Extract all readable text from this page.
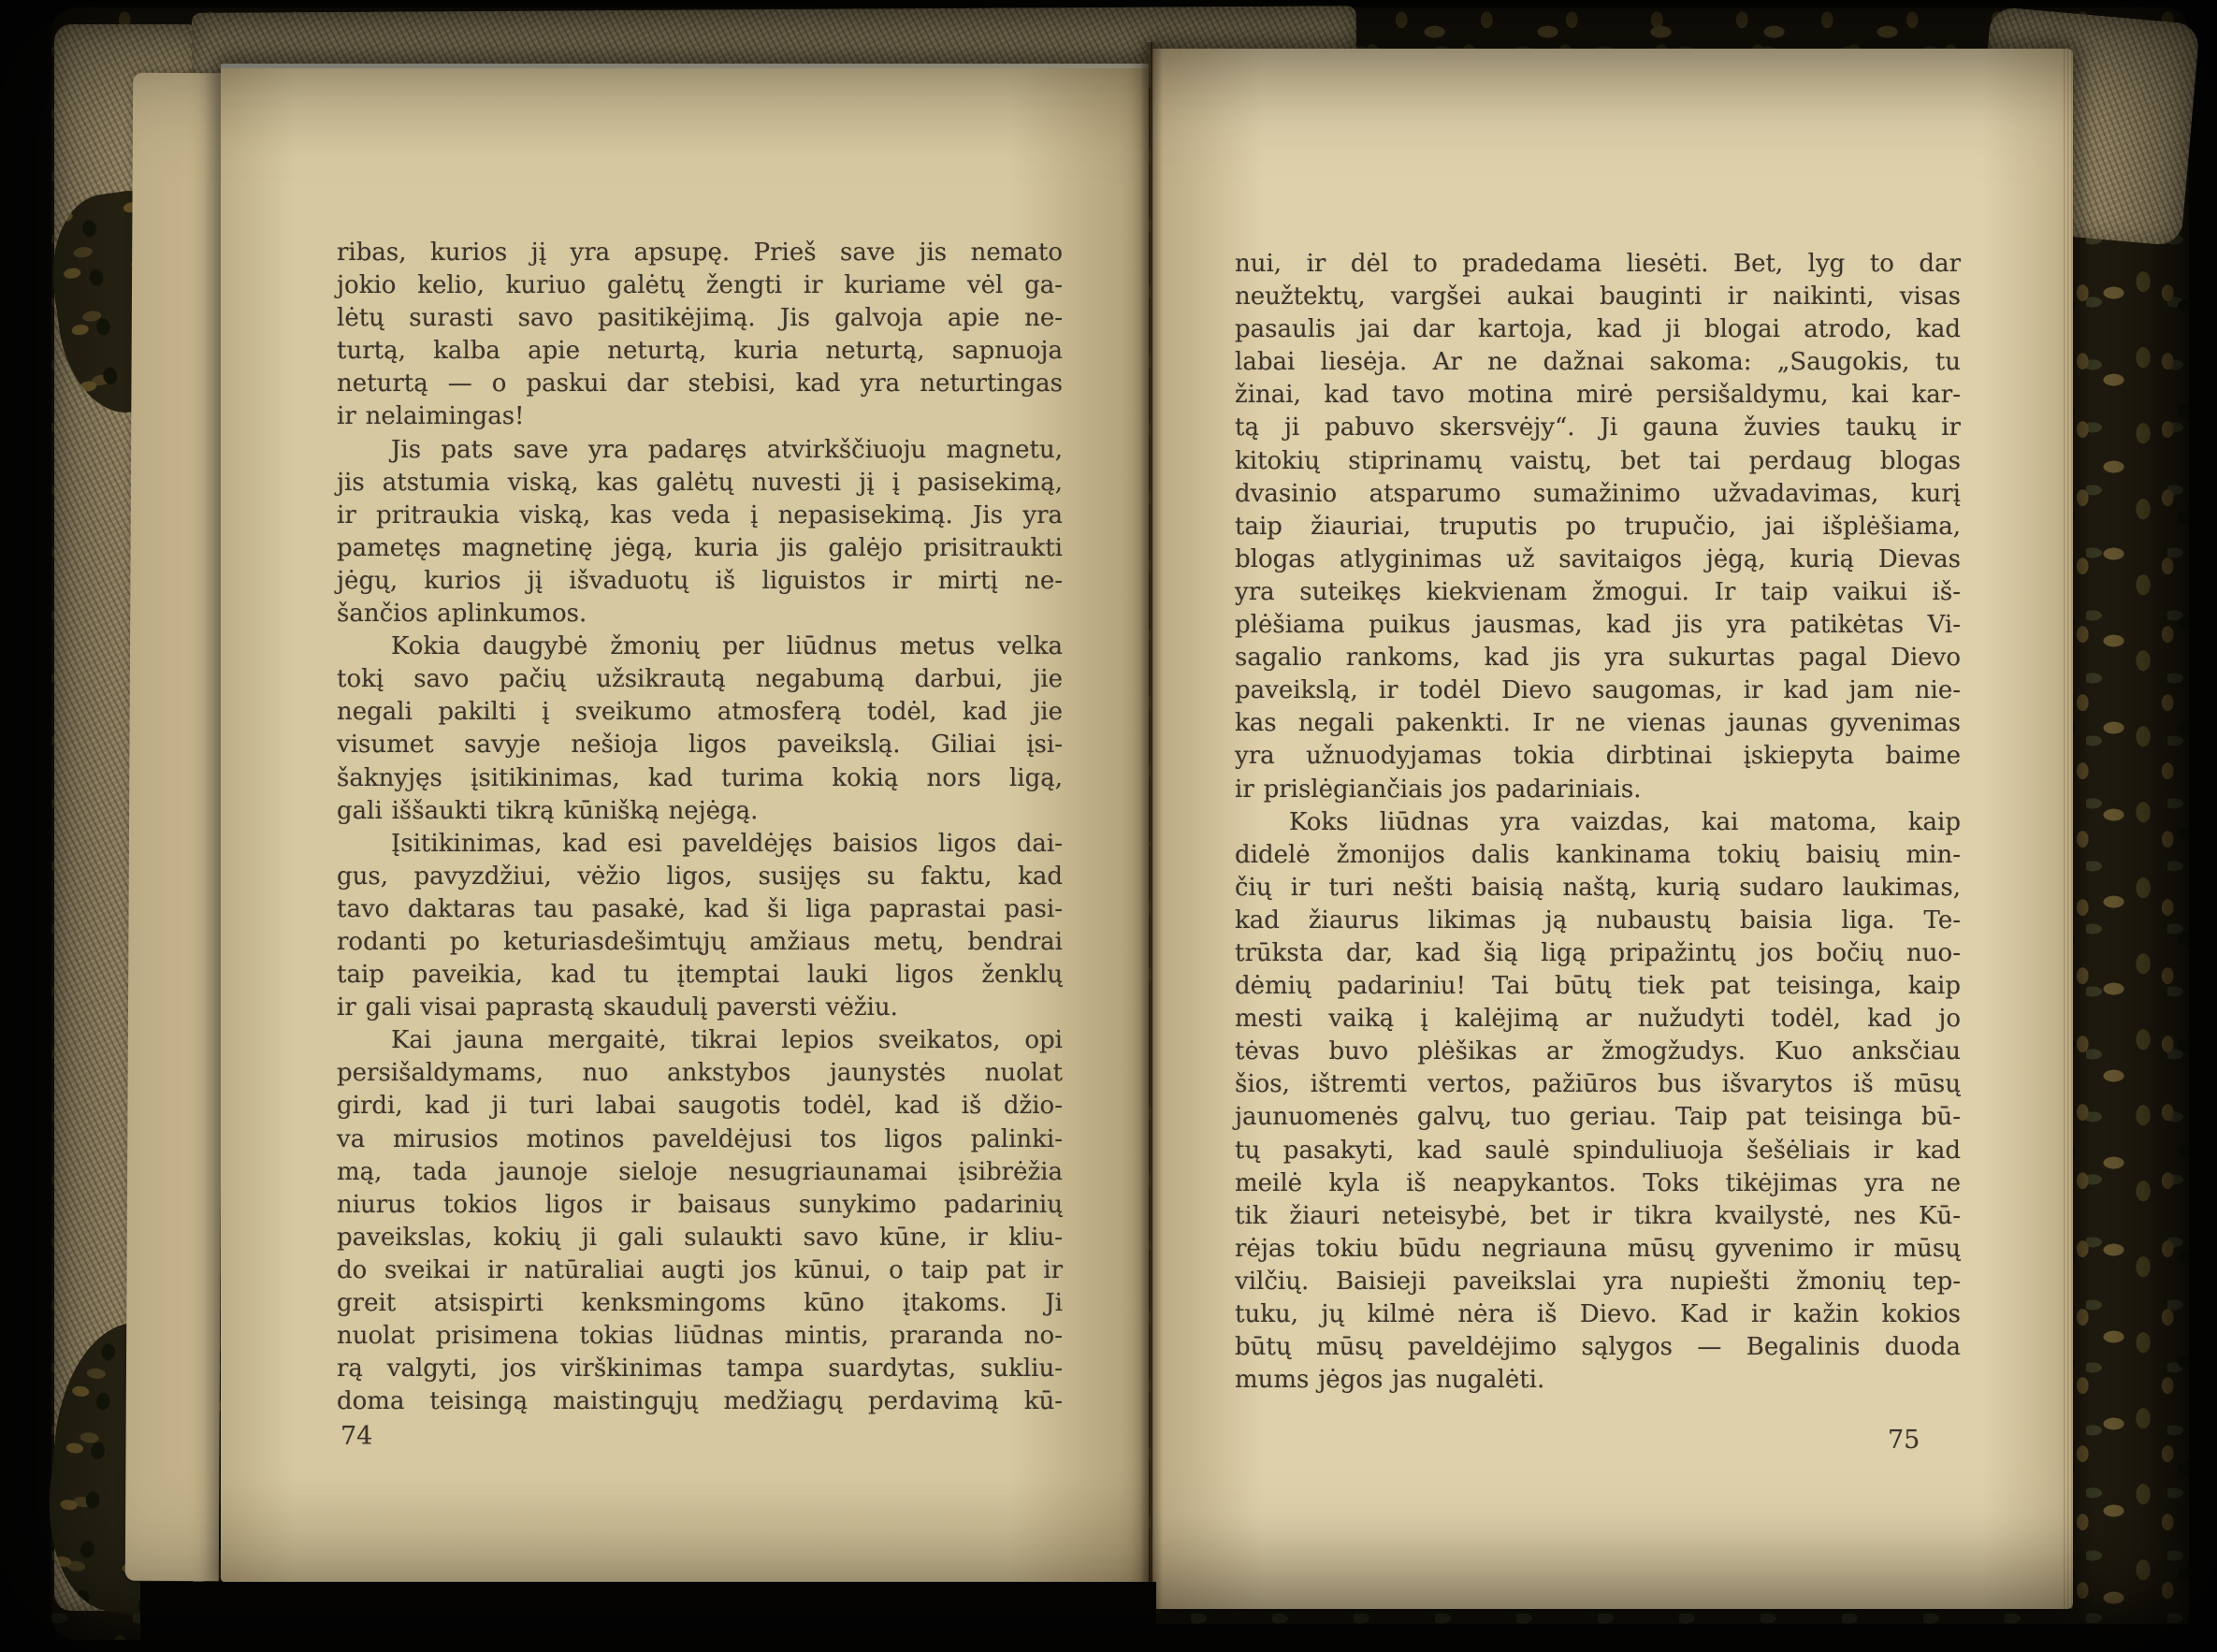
ribas, kurios jį yra apsupę. Prieš save jis nemato
jokio kelio, kuriuo galėtų žengti ir kuriame vėl ga-
lėtų surasti savo pasitikėjimą. Jis galvoja apie ne-
turtą, kalba apie neturtą, kuria neturtą, sapnuoja
neturtą — o paskui dar stebisi, kad yra neturtingas
ir nelaimingas!
Jis pats save yra padaręs atvirkščiuoju magnetu,
jis atstumia viską, kas galėtų nuvesti jį į pasisekimą,
ir pritraukia viską, kas veda į nepasisekimą. Jis yra
pametęs magnetinę jėgą, kuria jis galėjo prisitraukti
jėgų, kurios jį išvaduotų iš liguistos ir mirtį ne-
šančios aplinkumos.
Kokia daugybė žmonių per liūdnus metus velka
tokį savo pačių užsikrautą negabumą darbui, jie
negali pakilti į sveikumo atmosferą todėl, kad jie
visumet savyje nešioja ligos paveikslą. Giliai įsi-
šaknyjęs įsitikinimas, kad turima kokią nors ligą,
gali iššaukti tikrą kūnišką nejėgą.
Įsitikinimas, kad esi paveldėjęs baisios ligos dai-
gus, pavyzdžiui, vėžio ligos, susijęs su faktu, kad
tavo daktaras tau pasakė, kad ši liga paprastai pasi-
rodanti po keturiasdešimtųjų amžiaus metų, bendrai
taip paveikia, kad tu įtemptai lauki ligos ženklų
ir gali visai paprastą skaudulį paversti vėžiu.
Kai jauna mergaitė, tikrai lepios sveikatos, opi
persišaldymams, nuo ankstybos jaunystės nuolat
girdi, kad ji turi labai saugotis todėl, kad iš džio-
va mirusios motinos paveldėjusi tos ligos palinki-
mą, tada jaunoje sieloje nesugriaunamai įsibrėžia
niurus tokios ligos ir baisaus sunykimo padarinių
paveikslas, kokių ji gali sulaukti savo kūne, ir kliu-
do sveikai ir natūraliai augti jos kūnui, o taip pat ir
greit atsispirti kenksmingoms kūno įtakoms. Ji
nuolat prisimena tokias liūdnas mintis, praranda no-
rą valgyti, jos virškinimas tampa suardytas, sukliu-
doma teisingą maistingųjų medžiagų perdavimą kū-
74
nui, ir dėl to pradedama liesėti. Bet, lyg to dar
neužtektų, vargšei aukai bauginti ir naikinti, visas
pasaulis jai dar kartoja, kad ji blogai atrodo, kad
labai liesėja. Ar ne dažnai sakoma: „Saugokis, tu
žinai, kad tavo motina mirė persišaldymu, kai kar-
tą ji pabuvo skersvėjy“. Ji gauna žuvies taukų ir
kitokių stiprinamų vaistų, bet tai perdaug blogas
dvasinio atsparumo sumažinimo užvadavimas, kurį
taip žiauriai, truputis po trupučio, jai išplėšiama,
blogas atlyginimas už savitaigos jėgą, kurią Dievas
yra suteikęs kiekvienam žmogui. Ir taip vaikui iš-
plėšiama puikus jausmas, kad jis yra patikėtas Vi-
sagalio rankoms, kad jis yra sukurtas pagal Dievo
paveikslą, ir todėl Dievo saugomas, ir kad jam nie-
kas negali pakenkti. Ir ne vienas jaunas gyvenimas
yra užnuodyjamas tokia dirbtinai įskiepyta baime
ir prislėgiančiais jos padariniais.
Koks liūdnas yra vaizdas, kai matoma, kaip
didelė žmonijos dalis kankinama tokių baisių min-
čių ir turi nešti baisią naštą, kurią sudaro laukimas,
kad žiaurus likimas ją nubaustų baisia liga. Te-
trūksta dar, kad šią ligą pripažintų jos bočių nuo-
dėmių padariniu! Tai būtų tiek pat teisinga, kaip
mesti vaiką į kalėjimą ar nužudyti todėl, kad jo
tėvas buvo plėšikas ar žmogžudys. Kuo anksčiau
šios, ištremti vertos, pažiūros bus išvarytos iš mūsų
jaunuomenės galvų, tuo geriau. Taip pat teisinga bū-
tų pasakyti, kad saulė spinduliuoja šešėliais ir kad
meilė kyla iš neapykantos. Toks tikėjimas yra ne
tik žiauri neteisybė, bet ir tikra kvailystė, nes Kū-
rėjas tokiu būdu negriauna mūsų gyvenimo ir mūsų
vilčių. Baisieji paveikslai yra nupiešti žmonių tep-
tuku, jų kilmė nėra iš Dievo. Kad ir kažin kokios
būtų mūsų paveldėjimo sąlygos — Begalinis duoda
mums jėgos jas nugalėti.
75
